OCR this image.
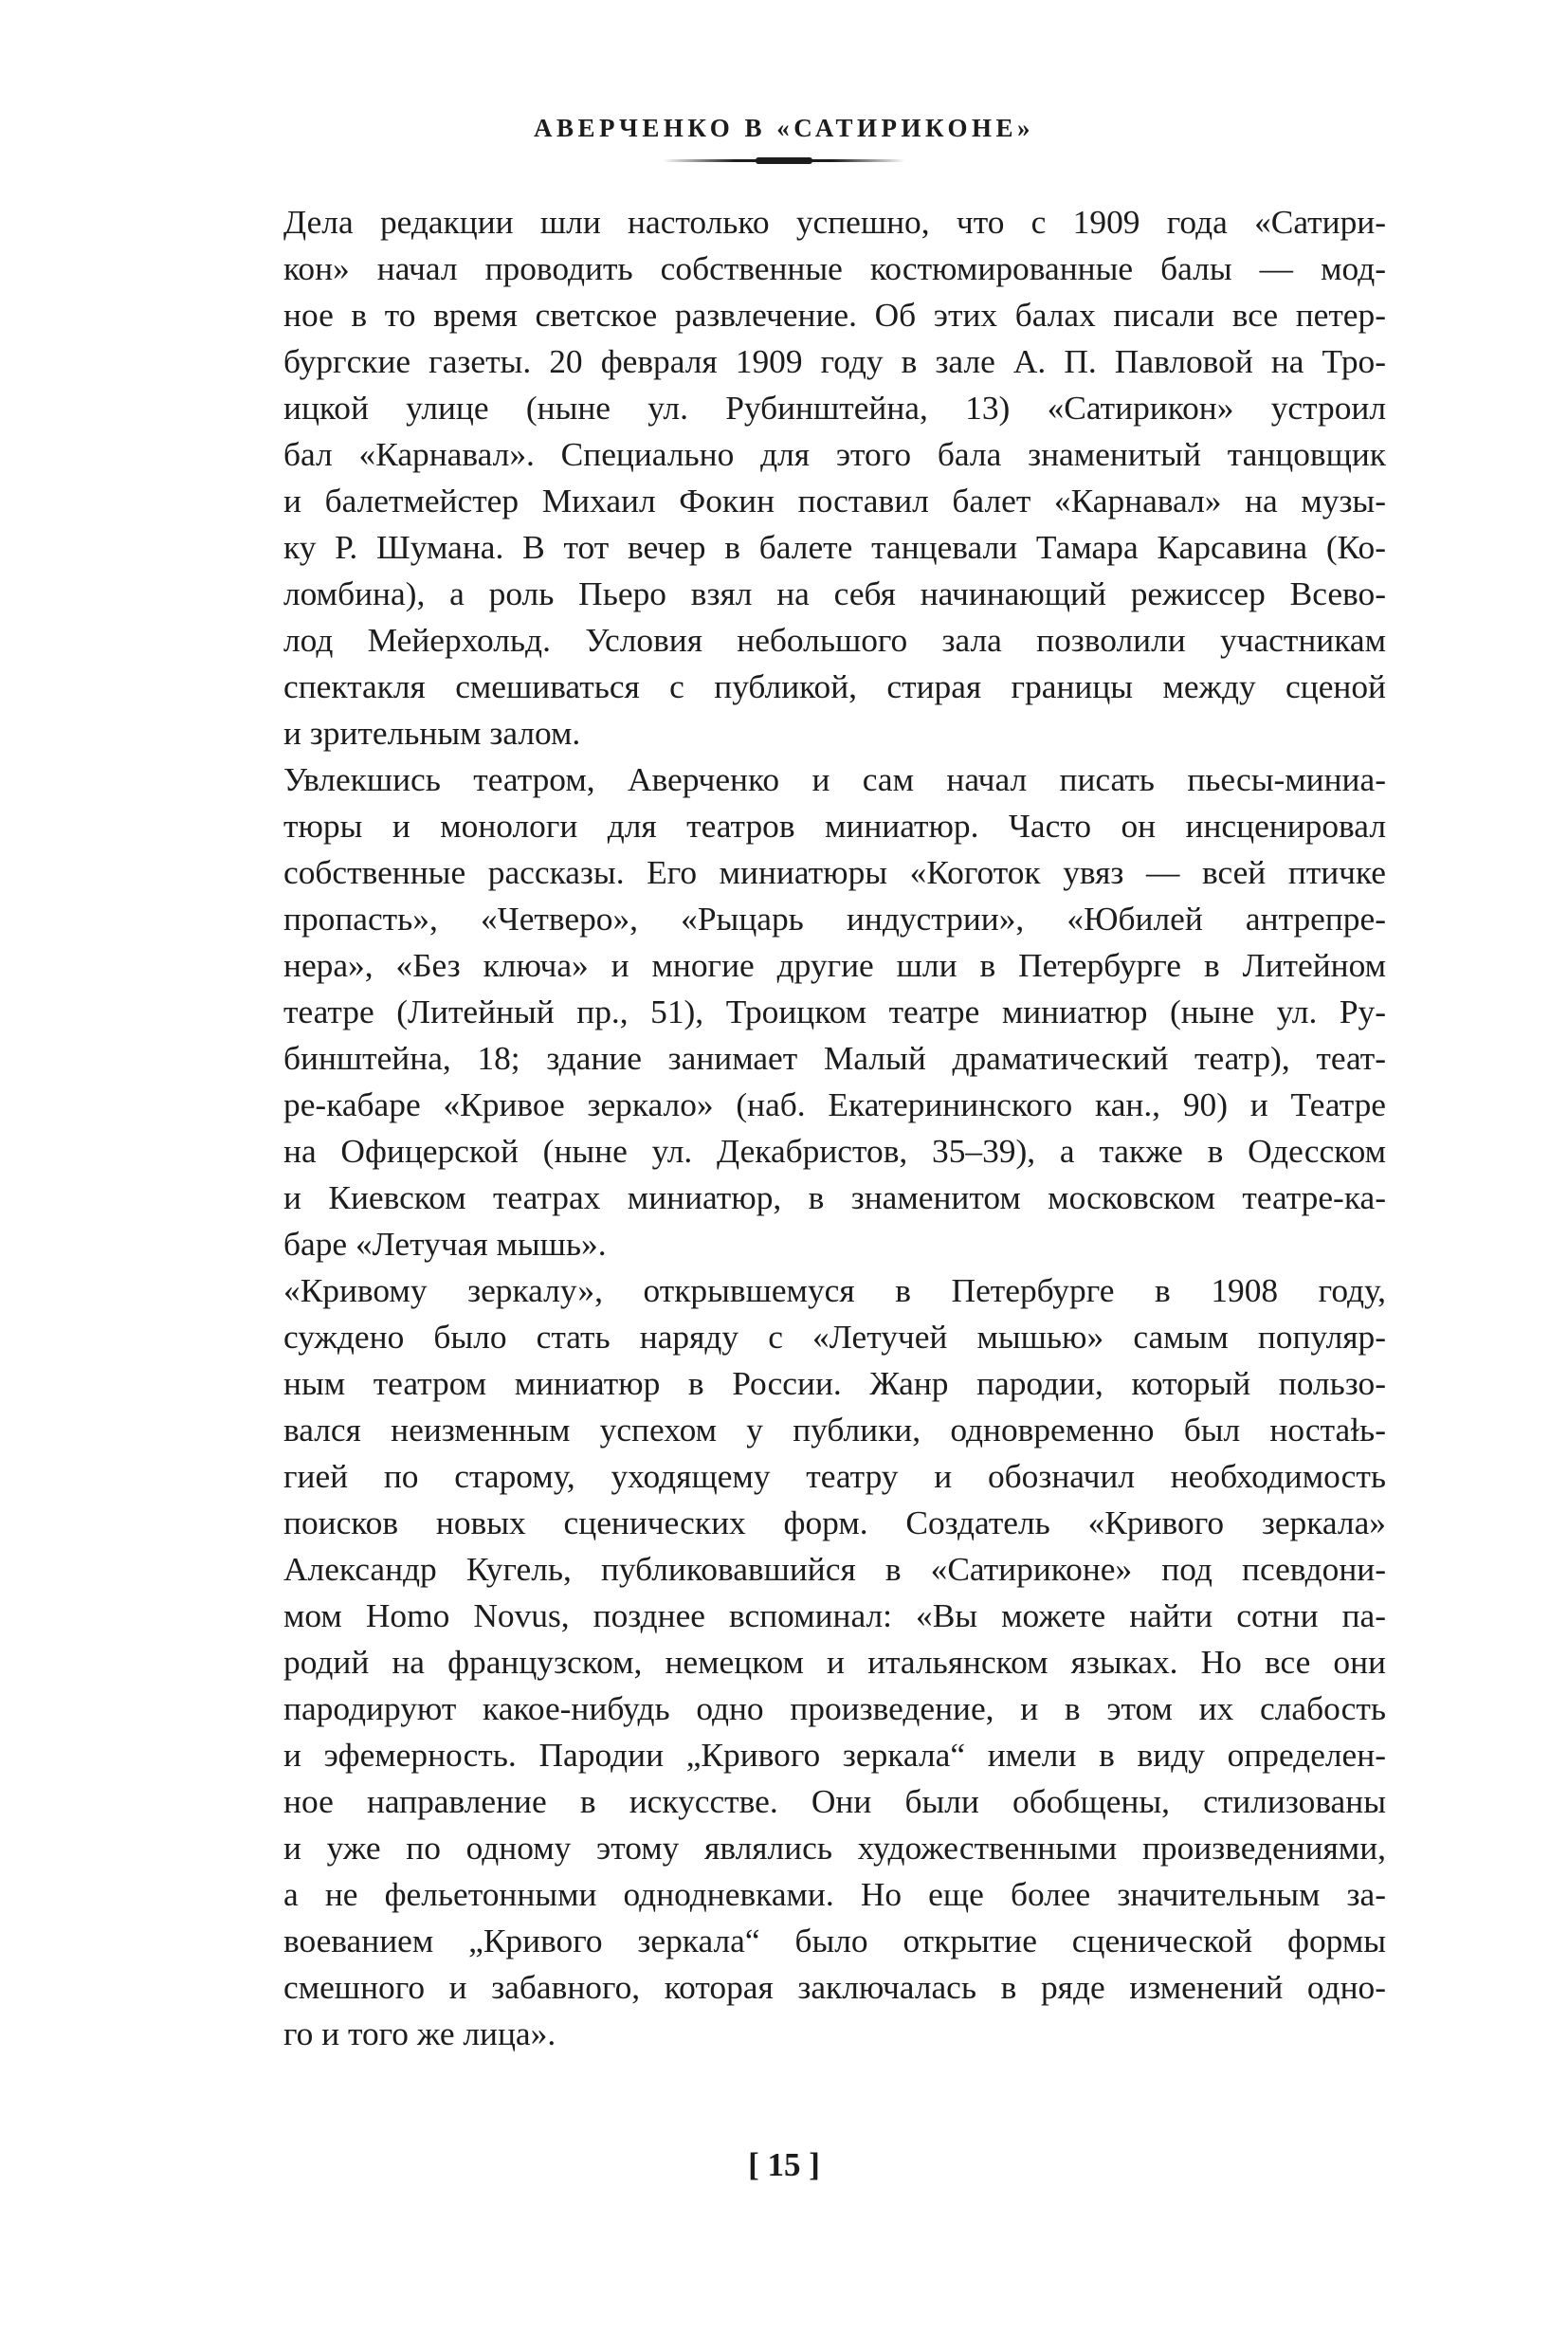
АВЕРЧЕНКО В «САТИРИКОНЕ»

Дела редакции шли настолько успешно, что с 1909 года «Сатири-
кон» начал проводить собственные костюмированные балы — мод-
ное в то время светское развлечение. Об этих балах писали все петер-
бургские газеты. 20 февраля 1909 году в зале А. П. Павловой на Тро-
ицкой улице (ныне ул. Рубинштейна, 13) «Сатирикон» устроил
бал «Карнавал». Специально для этого бала знаменитый танцовщик
и балетмейстер Михаил Фокин поставил балет «Карнавал» на музы-
ку Р. Шумана. В тот вечер в балете танцевали Тамара Карсавина (Ко-
ломбина), а роль Пьеро взял на себя начинающий режиссер Всево-
лод Мейерхольд. Условия небольшого зала позволили участникам
спектакля смешиваться с публикой, стирая границы между сценой
и зрительным залом.

Увлекшись театром, Аверченко и сам начал писать пьесы-миниа-
тюры и монологи для театров миниатюр. Часто он инсценировал
собственные рассказы. Его миниатюры «Коготок увяз — всей птичке
пропасть», «Четверо», «Рыцарь индустрии», «Юбилей антрепре-
нера», «Без ключа» и многие другие шли в Петербурге в Литейном
театре (Литейный пр., 51), Троицком театре миниатюр (ныне ул. Ру-
бинштейна, 18; здание занимает Малый драматический театр), теат-
ре-кабаре «Кривое зеркало» (наб. Екатерининского кан., 90) и Театре
на Офицерской (ныне ул. Декабристов, 35–39), а также в Одесском
и Киевском театрах миниатюр, в знаменитом московском театре-ка-
баре «Летучая мышь».

«Кривому зеркалу», открывшемуся в Петербурге в 1908 году,
суждено было стать наряду с «Летучей мышью» самым популяр-
ным театром миниатюр в России. Жанр пародии, который пользо-
вался неизменным успехом у публики, одновременно был ностаɫь-
гией по старому, уходящему театру и обозначил необходимость
поисков новых сценических форм. Создатель «Кривого зеркала»
Александр Кугель, публиковавшийся в «Сатириконе» под псевдони-
мом Homo Novus, позднее вспоминал: «Вы можете найти сотни па-
родий на французском, немецком и итальянском языках. Но все они
пародируют какое-нибудь одно произведение, и в этом их слабость
и эфемерность. Пародии „Кривого зеркала“ имели в виду определен-
ное направление в искусстве. Они были обобщены, стилизованы
и уже по одному этому являлись художественными произведениями,
а не фельетонными однодневками. Но еще более значительным за-
воеванием „Кривого зеркала“ было открытие сценической формы
смешного и забавного, которая заключалась в ряде изменений одно-
го и того же лица».

[ 15 ]
